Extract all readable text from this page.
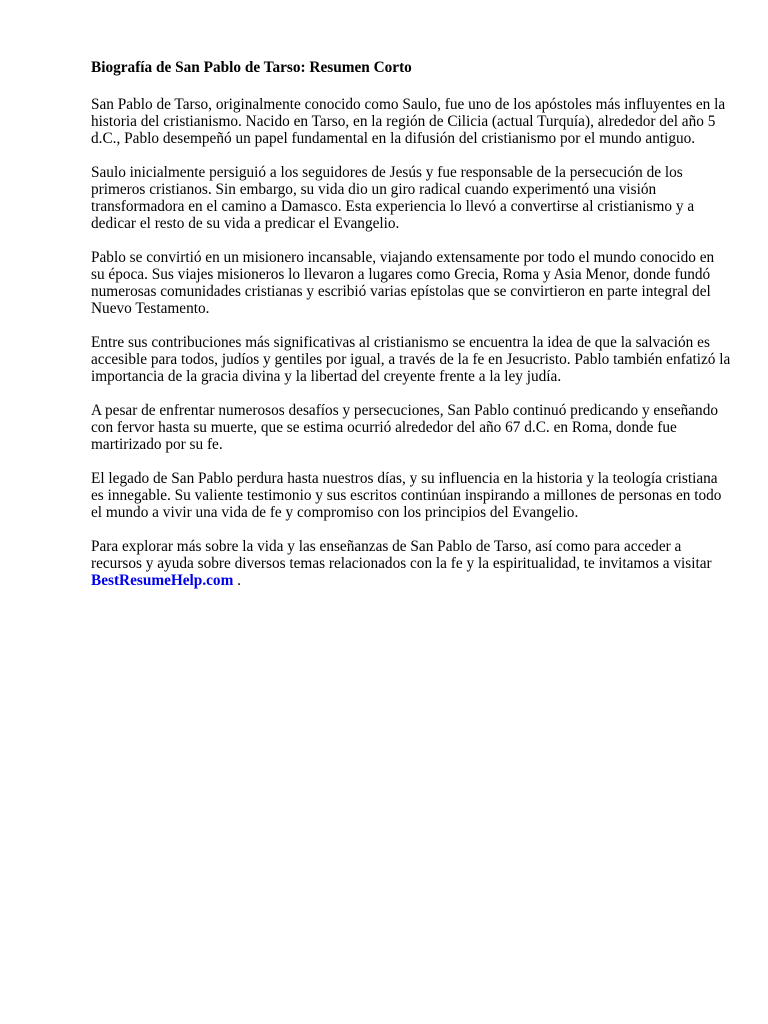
Biografía de San Pablo de Tarso: Resumen Corto
San Pablo de Tarso, originalmente conocido como Saulo, fue uno de los apóstoles más influyentes en la historia del cristianismo. Nacido en Tarso, en la región de Cilicia (actual Turquía), alrededor del año 5 d.C., Pablo desempeñó un papel fundamental en la difusión del cristianismo por el mundo antiguo.
Saulo inicialmente persiguió a los seguidores de Jesús y fue responsable de la persecución de los primeros cristianos. Sin embargo, su vida dio un giro radical cuando experimentó una visión transformadora en el camino a Damasco. Esta experiencia lo llevó a convertirse al cristianismo y a dedicar el resto de su vida a predicar el Evangelio.
Pablo se convirtió en un misionero incansable, viajando extensamente por todo el mundo conocido en su época. Sus viajes misioneros lo llevaron a lugares como Grecia, Roma y Asia Menor, donde fundó numerosas comunidades cristianas y escribió varias epístolas que se convirtieron en parte integral del Nuevo Testamento.
Entre sus contribuciones más significativas al cristianismo se encuentra la idea de que la salvación es accesible para todos, judíos y gentiles por igual, a través de la fe en Jesucristo. Pablo también enfatizó la importancia de la gracia divina y la libertad del creyente frente a la ley judía.
A pesar de enfrentar numerosos desafíos y persecuciones, San Pablo continuó predicando y enseñando con fervor hasta su muerte, que se estima ocurrió alrededor del año 67 d.C. en Roma, donde fue martirizado por su fe.
El legado de San Pablo perdura hasta nuestros días, y su influencia en la historia y la teología cristiana es innegable. Su valiente testimonio y sus escritos continúan inspirando a millones de personas en todo el mundo a vivir una vida de fe y compromiso con los principios del Evangelio.
Para explorar más sobre la vida y las enseñanzas de San Pablo de Tarso, así como para acceder a recursos y ayuda sobre diversos temas relacionados con la fe y la espiritualidad, te invitamos a visitar BestResumeHelp.com .
